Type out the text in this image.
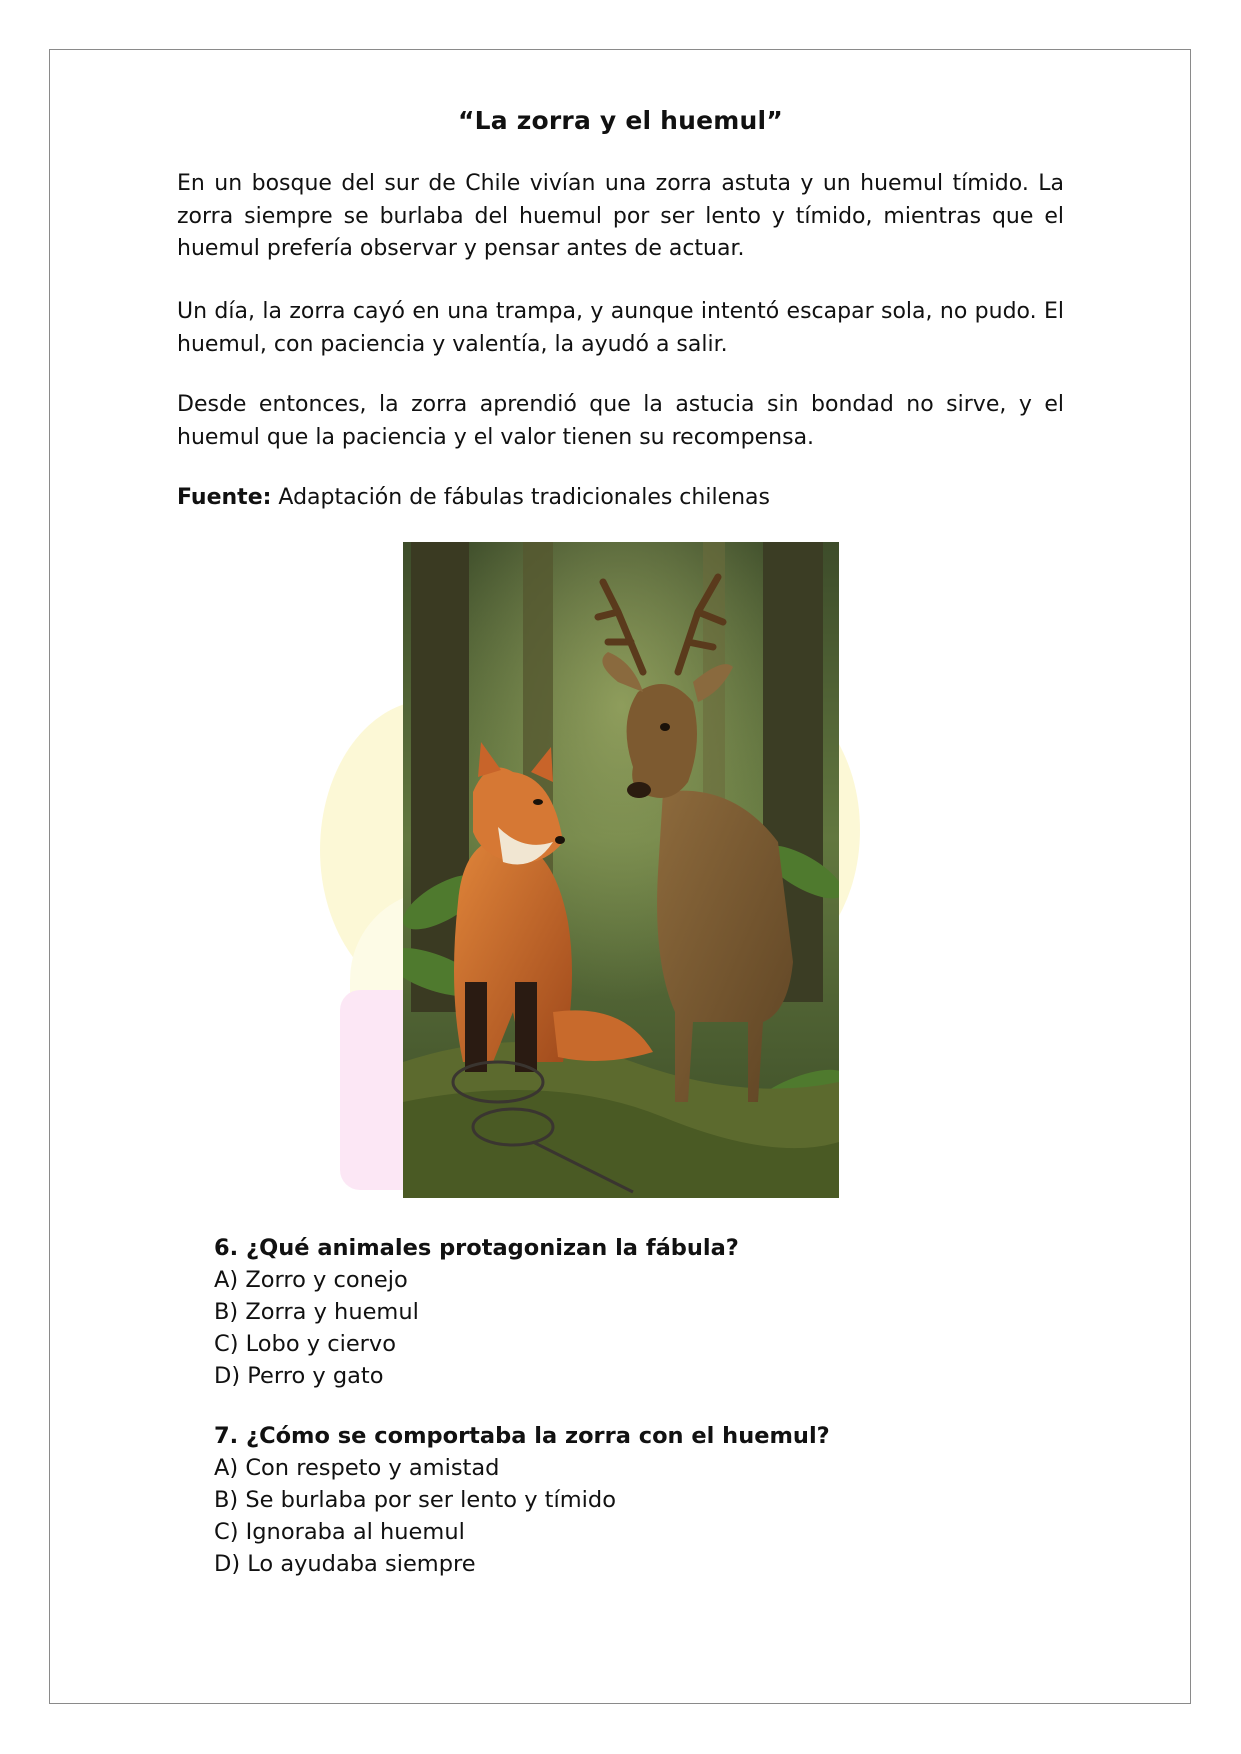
“La zorra y el huemul”

En un bosque del sur de Chile vivían una zorra astuta y un huemul tímido. La zorra siempre se burlaba del huemul por ser lento y tímido, mientras que el huemul prefería observar y pensar antes de actuar.

Un día, la zorra cayó en una trampa, y aunque intentó escapar sola, no pudo. El huemul, con paciencia y valentía, la ayudó a salir.

Desde entonces, la zorra aprendió que la astucia sin bondad no sirve, y el huemul que la paciencia y el valor tienen su recompensa.

Fuente: Adaptación de fábulas tradicionales chilenas

6. ¿Qué animales protagonizan la fábula?

A) Zorro y conejo
B) Zorra y huemul
C) Lobo y ciervo
D) Perro y gato

7. ¿Cómo se comportaba la zorra con el huemul?

A) Con respeto y amistad
B) Se burlaba por ser lento y tímido
C) Ignoraba al huemul
D) Lo ayudaba siempre
